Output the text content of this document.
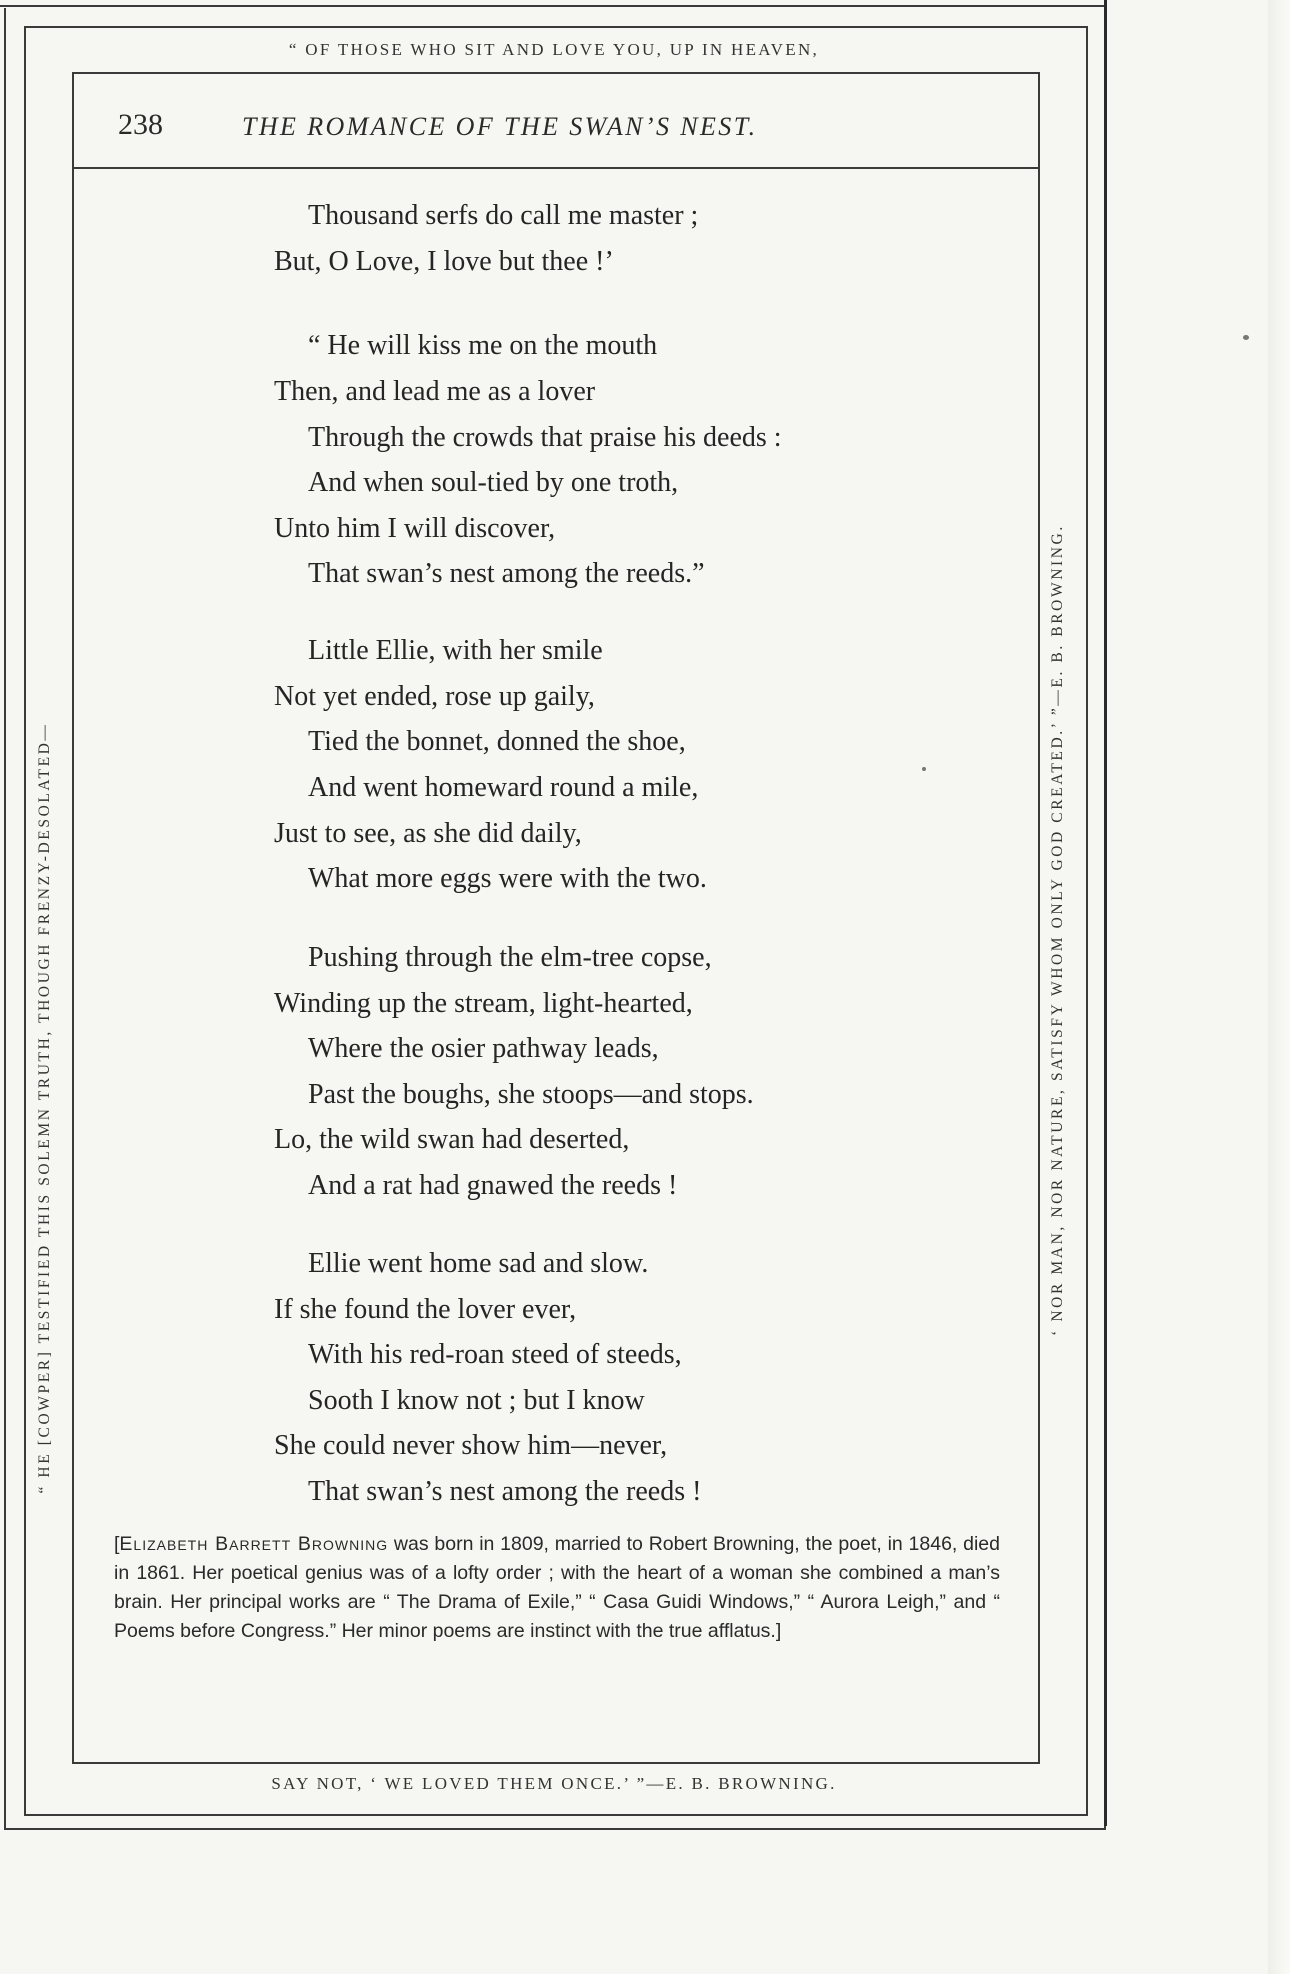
“ OF THOSE WHO SIT AND LOVE YOU, UP IN HEAVEN,
SAY NOT, ‘ WE LOVED THEM ONCE.’ ”—E. B. BROWNING.
“ HE [COWPER] TESTIFIED THIS SOLEMN TRUTH, THOUGH FRENZY-DESOLATED—	‘ NOR MAN, NOR NATURE, SATISFY WHOM ONLY GOD CREATED.’ ”—E. B. BROWNING.
238	THE ROMANCE OF THE SWAN’S NEST.
Thousand serfs do call me master ;
But, O Love, I love but thee !’
“ He will kiss me on the mouth
Then, and lead me as a lover
Through the crowds that praise his deeds :
And when soul-tied by one troth,
Unto him I will discover,
That swan’s nest among the reeds.”
Little Ellie, with her smile
Not yet ended, rose up gaily,
Tied the bonnet, donned the shoe,
And went homeward round a mile,
Just to see, as she did daily,
What more eggs were with the two.
Pushing through the elm-tree copse,
Winding up the stream, light-hearted,
Where the osier pathway leads,
Past the boughs, she stoops—and stops.
Lo, the wild swan had deserted,
And a rat had gnawed the reeds !
Ellie went home sad and slow.
If she found the lover ever,
With his red-roan steed of steeds,
Sooth I know not ; but I know
She could never show him—never,
That swan’s nest among the reeds !
[Elizabeth Barrett Browning was born in 1809, married to Robert Browning, the poet, in 1846, died in 1861. Her poetical genius was of a lofty order ; with the heart of a woman she combined a man’s brain. Her principal works are “ The Drama of Exile,” “ Casa Guidi Windows,” “ Aurora Leigh,” and “ Poems before Congress.” Her minor poems are instinct with the true afflatus.]
